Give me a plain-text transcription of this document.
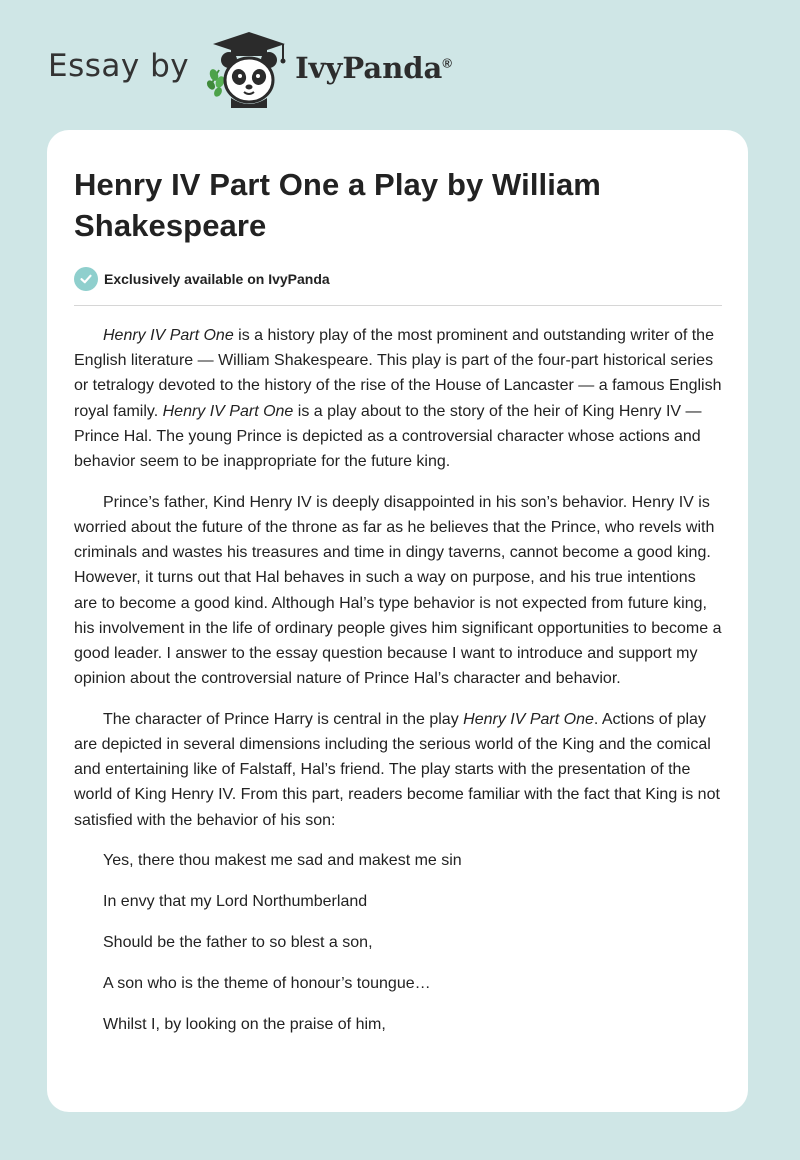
Essay by	IvyPanda®
Henry IV Part One a Play by William Shakespeare
Exclusively available on IvyPanda

Henry IV Part One is a history play of the most prominent and outstanding writer of the English literature — William Shakespeare. This play is part of the four-part historical series or tetralogy devoted to the history of the rise of the House of Lancaster — a famous English royal family. Henry IV Part One is a play about to the story of the heir of King Henry IV — Prince Hal. The young Prince is depicted as a controversial character whose actions and behavior seem to be inappropriate for the future king.

Prince’s father, Kind Henry IV is deeply disappointed in his son’s behavior. Henry IV is worried about the future of the throne as far as he believes that the Prince, who revels with criminals and wastes his treasures and time in dingy taverns, cannot become a good king. However, it turns out that Hal behaves in such a way on purpose, and his true intentions are to become a good kind. Although Hal’s type behavior is not expected from future king, his involvement in the life of ordinary people gives him significant opportunities to become a good leader. I answer to the essay question because I want to introduce and support my opinion about the controversial nature of Prince Hal’s character and behavior.

The character of Prince Harry is central in the play Henry IV Part One. Actions of play are depicted in several dimensions including the serious world of the King and the comical and entertaining like of Falstaff, Hal’s friend. The play starts with the presentation of the world of King Henry IV. From this part, readers become familiar with the fact that King is not satisfied with the behavior of his son:

Yes, there thou makest me sad and makest me sin

In envy that my Lord Northumberland

Should be the father to so blest a son,

A son who is the theme of honour’s toungue…

Whilst I, by looking on the praise of him,
